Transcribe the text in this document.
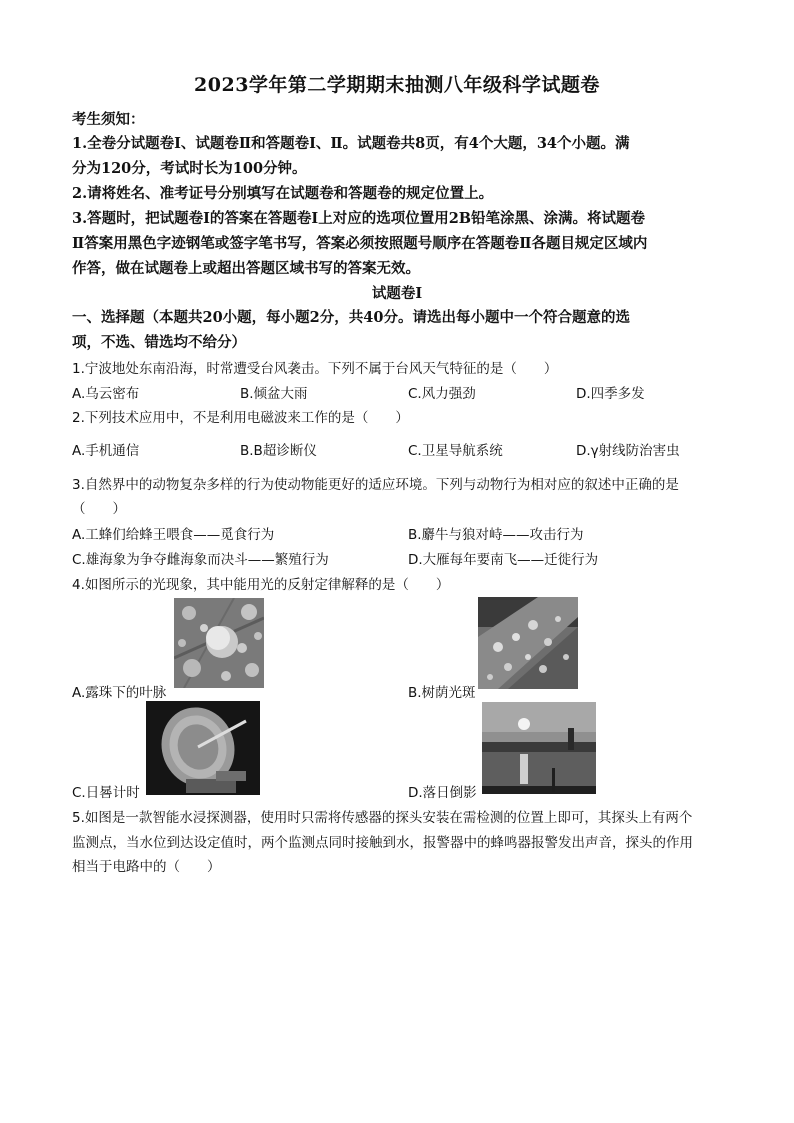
2023学年第二学期期末抽测八年级科学试题卷
考生须知：
1.全卷分试题卷Ⅰ、试题卷Ⅱ和答题卷Ⅰ、Ⅱ。试题卷共8页，有4个大题，34个小题。满
分为120分，考试时长为100分钟。
2.请将姓名、准考证号分别填写在试题卷和答题卷的规定位置上。
3.答题时，把试题卷Ⅰ的答案在答题卷Ⅰ上对应的选项位置用2B铅笔涂黑、涂满。将试题卷
Ⅱ答案用黑色字迹钢笔或签字笔书写，答案必须按照题号顺序在答题卷Ⅱ各题目规定区域内
作答，做在试题卷上或超出答题区域书写的答案无效。
试题卷Ⅰ
一、选择题（本题共20小题，每小题2分，共40分。请选出每小题中一个符合题意的选
项，不选、错选均不给分）
1.宁波地处东南沿海，时常遭受台风袭击。下列不属于台风天气特征的是（　　）
A.乌云密布	B.倾盆大雨	C.风力强劲	D.四季多发
2.下列技术应用中，不是利用电磁波来工作的是（　　）
A.手机通信	B.B超诊断仪	C.卫星导航系统	D.γ射线防治害虫
3.自然界中的动物复杂多样的行为使动物能更好的适应环境。下列与动物行为相对应的叙述中正确的是
（　　）
A.工蜂们给蜂王喂食——觅食行为	B.麝牛与狼对峙——攻击行为
C.雄海象为争夺雌海象而决斗——繁殖行为	D.大雁每年要南飞——迁徙行为
4.如图所示的光现象，其中能用光的反射定律解释的是（　　）
A.露珠下的叶脉	B.树荫光斑
C.日晷计时	D.落日倒影
5.如图是一款智能水浸探测器，使用时只需将传感器的探头安装在需检测的位置上即可，其探头上有两个
监测点，当水位到达设定值时，两个监测点同时接触到水，报警器中的蜂鸣器报警发出声音，探头的作用
相当于电路中的（　　）
